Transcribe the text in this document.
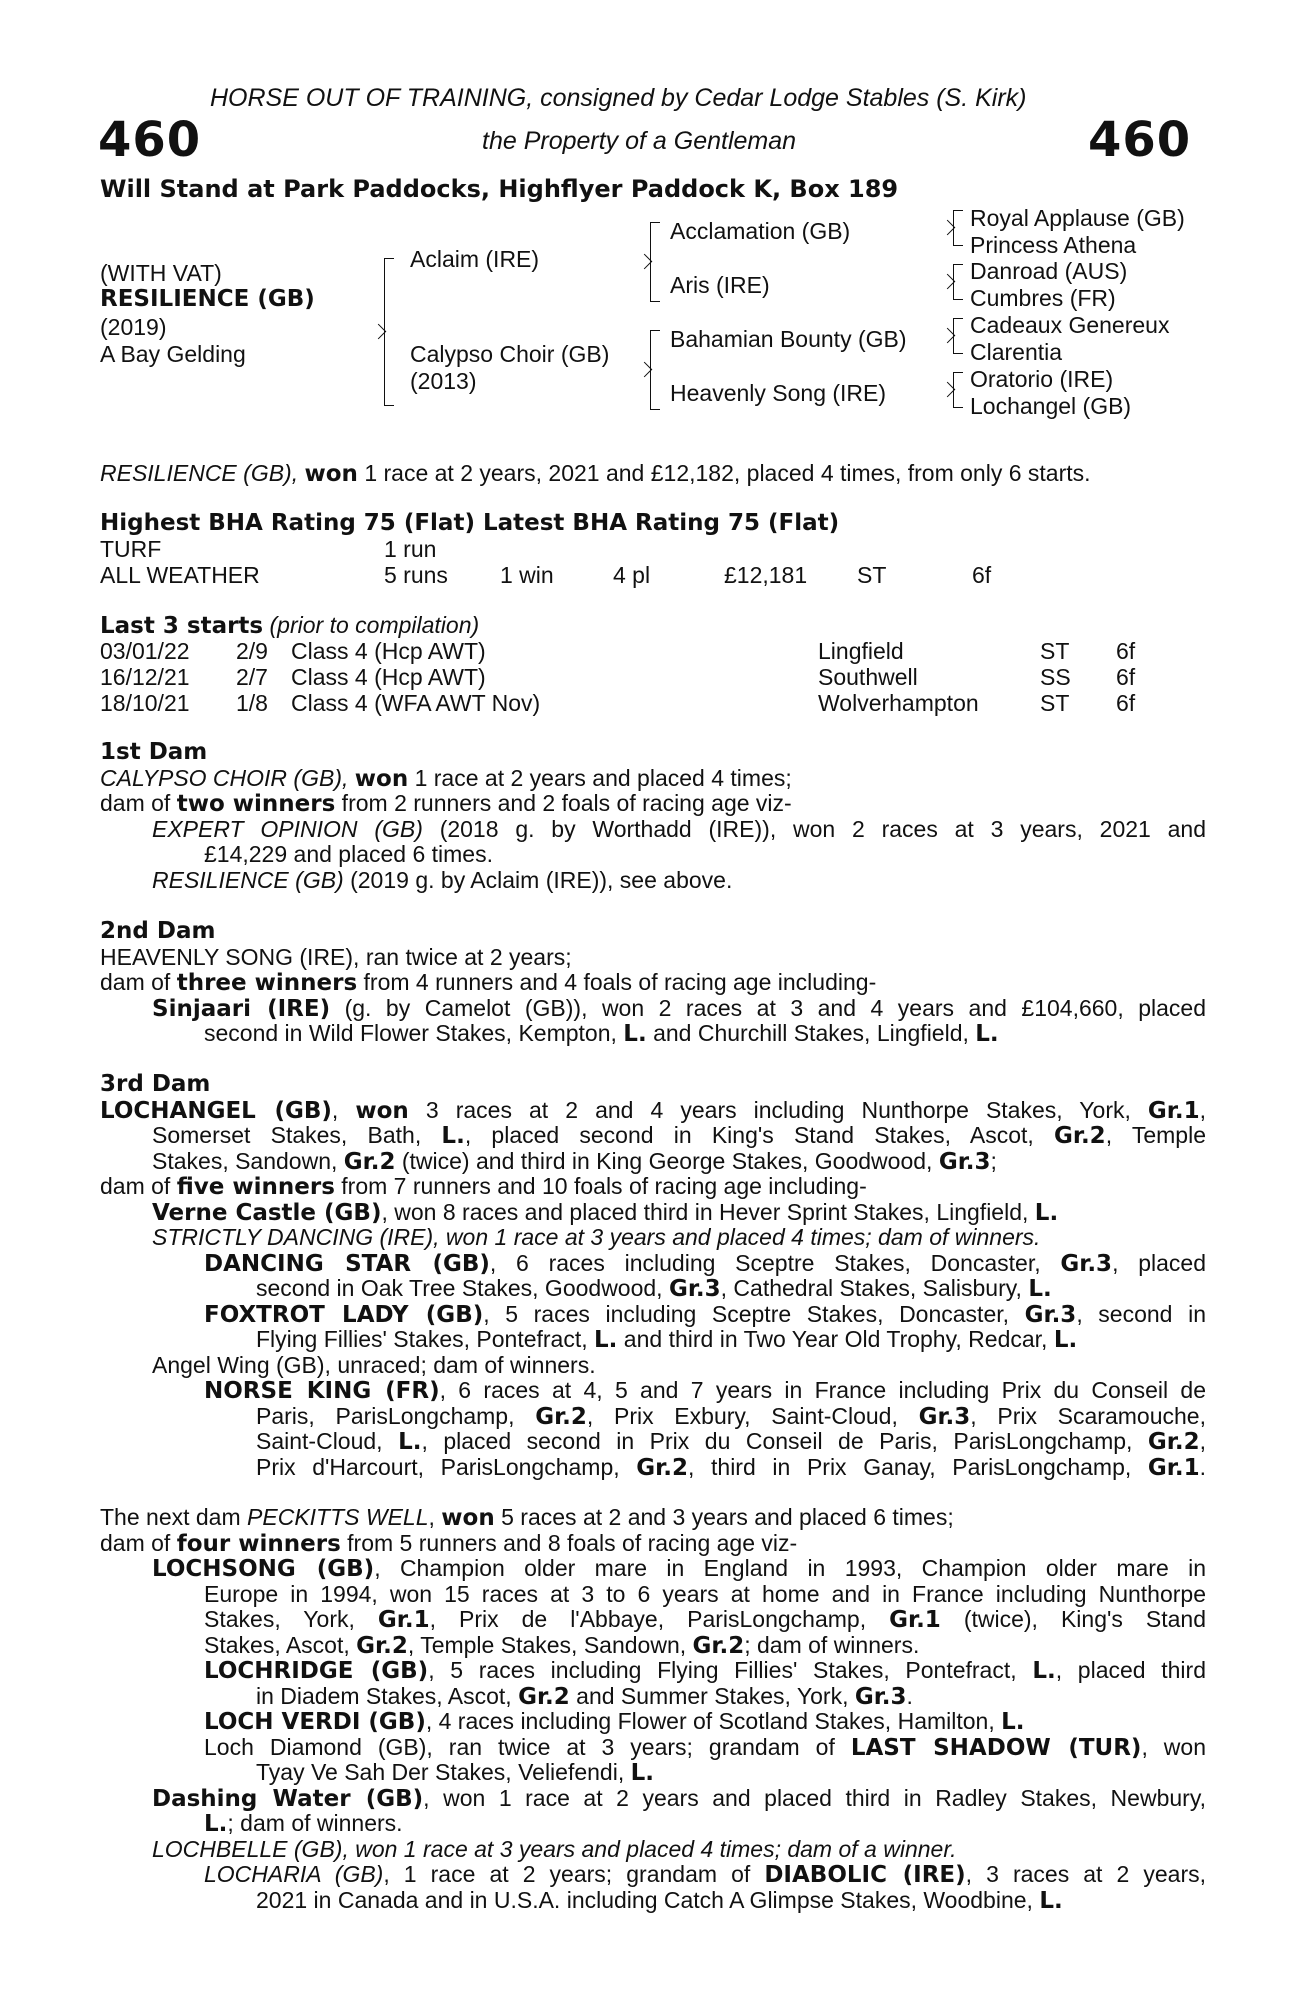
HORSE OUT OF TRAINING, consigned by Cedar Lodge Stables (S. Kirk)
460	the Property of a Gentleman	460
Will Stand at Park Paddocks, Highflyer Paddock K, Box 189
(WITH VAT)
RESILIENCE (GB)
(2019)
A Bay Gelding
Aclaim (IRE)
Calypso Choir (GB)
(2013)
Acclamation (GB)
Aris (IRE)
Bahamian Bounty (GB)
Heavenly Song (IRE)
Royal Applause (GB)
Princess Athena
Danroad (AUS)
Cumbres (FR)
Cadeaux Genereux
Clarentia
Oratorio (IRE)
Lochangel (GB)
RESILIENCE (GB), won 1 race at 2 years, 2021 and £12,182, placed 4 times, from only 6 starts.
Highest BHA Rating 75 (Flat) Latest BHA Rating 75 (Flat)
TURF	1 run
ALL WEATHER	5 runs 1 win	4 pl	£12,181 ST	6f
Last 3 starts (prior to compilation)
03/01/22 2/9 Class 4 (Hcp AWT)	Lingfield	ST 6f
16/12/21 2/7 Class 4 (Hcp AWT)	Southwell	SS 6f
18/10/21 1/8 Class 4 (WFA AWT Nov)	Wolverhampton	ST 6f
1st Dam
CALYPSO CHOIR (GB), won 1 race at 2 years and placed 4 times;
dam of two winners from 2 runners and 2 foals of racing age viz-
EXPERT OPINION (GB) (2018 g. by Worthadd (IRE)), won 2 races at 3 years, 2021 and
£14,229 and placed 6 times.
RESILIENCE (GB) (2019 g. by Aclaim (IRE)), see above.
2nd Dam
HEAVENLY SONG (IRE), ran twice at 2 years;
dam of three winners from 4 runners and 4 foals of racing age including-
Sinjaari (IRE) (g. by Camelot (GB)), won 2 races at 3 and 4 years and £104,660, placed
second in Wild Flower Stakes, Kempton, L. and Churchill Stakes, Lingfield, L.
3rd Dam
LOCHANGEL (GB), won 3 races at 2 and 4 years including Nunthorpe Stakes, York, Gr.1,
Somerset Stakes, Bath, L., placed second in King's Stand Stakes, Ascot, Gr.2, Temple
Stakes, Sandown, Gr.2 (twice) and third in King George Stakes, Goodwood, Gr.3;
dam of five winners from 7 runners and 10 foals of racing age including-
Verne Castle (GB), won 8 races and placed third in Hever Sprint Stakes, Lingfield, L.
STRICTLY DANCING (IRE), won 1 race at 3 years and placed 4 times; dam of winners.
DANCING STAR (GB), 6 races including Sceptre Stakes, Doncaster, Gr.3, placed
second in Oak Tree Stakes, Goodwood, Gr.3, Cathedral Stakes, Salisbury, L.
FOXTROT LADY (GB), 5 races including Sceptre Stakes, Doncaster, Gr.3, second in
Flying Fillies' Stakes, Pontefract, L. and third in Two Year Old Trophy, Redcar, L.
Angel Wing (GB), unraced; dam of winners.
NORSE KING (FR), 6 races at 4, 5 and 7 years in France including Prix du Conseil de
Paris, ParisLongchamp, Gr.2, Prix Exbury, Saint-Cloud, Gr.3, Prix Scaramouche,
Saint-Cloud, L., placed second in Prix du Conseil de Paris, ParisLongchamp, Gr.2,
Prix d'Harcourt, ParisLongchamp, Gr.2, third in Prix Ganay, ParisLongchamp, Gr.1.
The next dam PECKITTS WELL, won 5 races at 2 and 3 years and placed 6 times;
dam of four winners from 5 runners and 8 foals of racing age viz-
LOCHSONG (GB), Champion older mare in England in 1993, Champion older mare in
Europe in 1994, won 15 races at 3 to 6 years at home and in France including Nunthorpe
Stakes, York, Gr.1, Prix de l'Abbaye, ParisLongchamp, Gr.1 (twice), King's Stand
Stakes, Ascot, Gr.2, Temple Stakes, Sandown, Gr.2; dam of winners.
LOCHRIDGE (GB), 5 races including Flying Fillies' Stakes, Pontefract, L., placed third
in Diadem Stakes, Ascot, Gr.2 and Summer Stakes, York, Gr.3.
LOCH VERDI (GB), 4 races including Flower of Scotland Stakes, Hamilton, L.
Loch Diamond (GB), ran twice at 3 years; grandam of LAST SHADOW (TUR), won
Tyay Ve Sah Der Stakes, Veliefendi, L.
Dashing Water (GB), won 1 race at 2 years and placed third in Radley Stakes, Newbury,
L.; dam of winners.
LOCHBELLE (GB), won 1 race at 3 years and placed 4 times; dam of a winner.
LOCHARIA (GB), 1 race at 2 years; grandam of DIABOLIC (IRE), 3 races at 2 years,
2021 in Canada and in U.S.A. including Catch A Glimpse Stakes, Woodbine, L.
